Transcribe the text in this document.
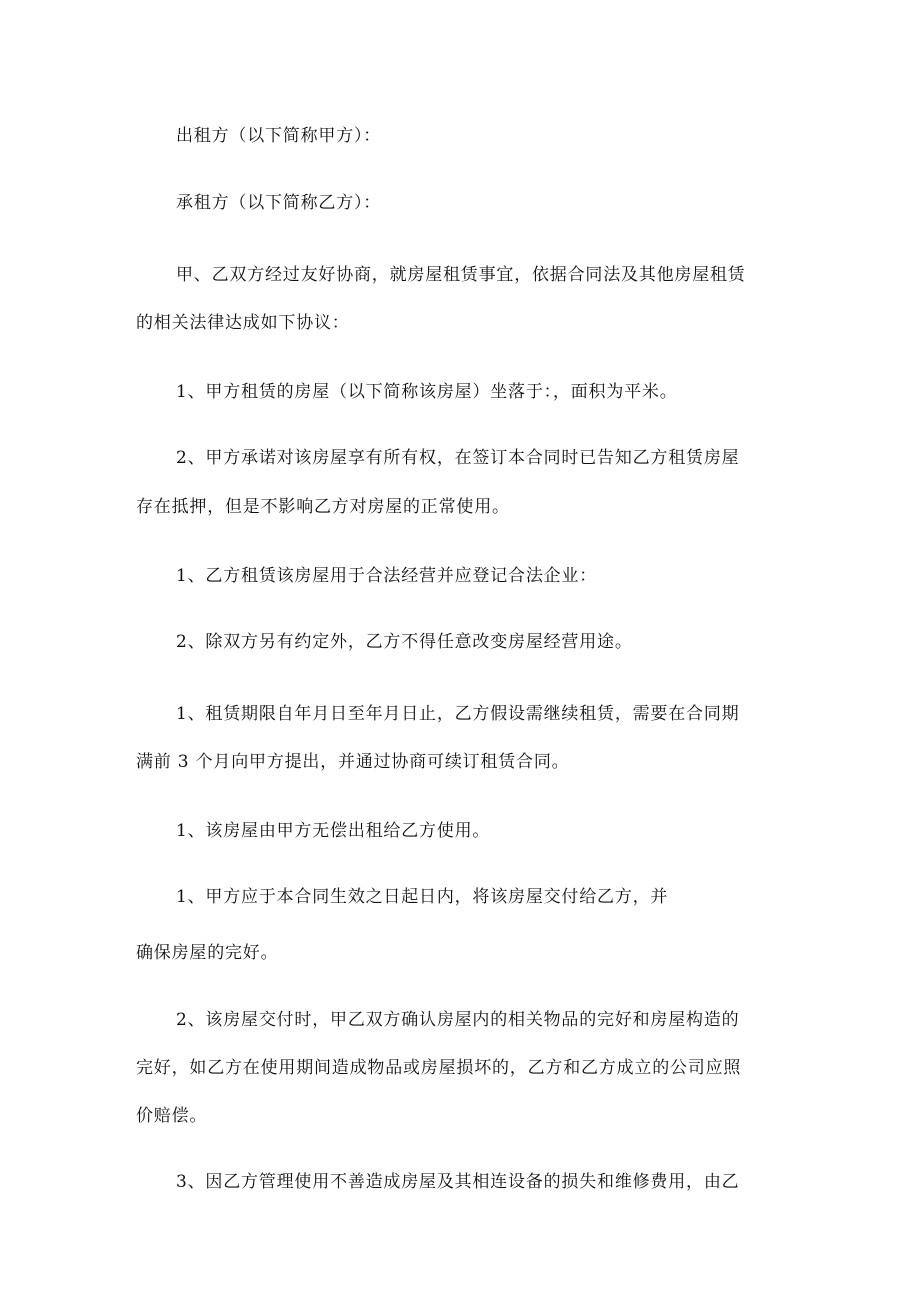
出租方（以下简称甲方）：
承租方（以下简称乙方）：
甲、乙双方经过友好协商，就房屋租赁事宜，依据合同法及其他房屋租赁
的相关法律达成如下协议：
1、甲方租赁的房屋（以下简称该房屋）坐落于：，面积为平米。
2、甲方承诺对该房屋享有所有权，在签订本合同时已告知乙方租赁房屋
存在抵押，但是不影响乙方对房屋的正常使用。
1、乙方租赁该房屋用于合法经营并应登记合法企业：
2、除双方另有约定外，乙方不得任意改变房屋经营用途。
1、租赁期限自年月日至年月日止，乙方假设需继续租赁，需要在合同期
满前 3 个月向甲方提出，并通过协商可续订租赁合同。
1、该房屋由甲方无偿出租给乙方使用。
1、甲方应于本合同生效之日起日内，将该房屋交付给乙方，并
确保房屋的完好。
2、该房屋交付时，甲乙双方确认房屋内的相关物品的完好和房屋构造的
完好，如乙方在使用期间造成物品或房屋损坏的，乙方和乙方成立的公司应照
价赔偿。
3、因乙方管理使用不善造成房屋及其相连设备的损失和维修费用，由乙
